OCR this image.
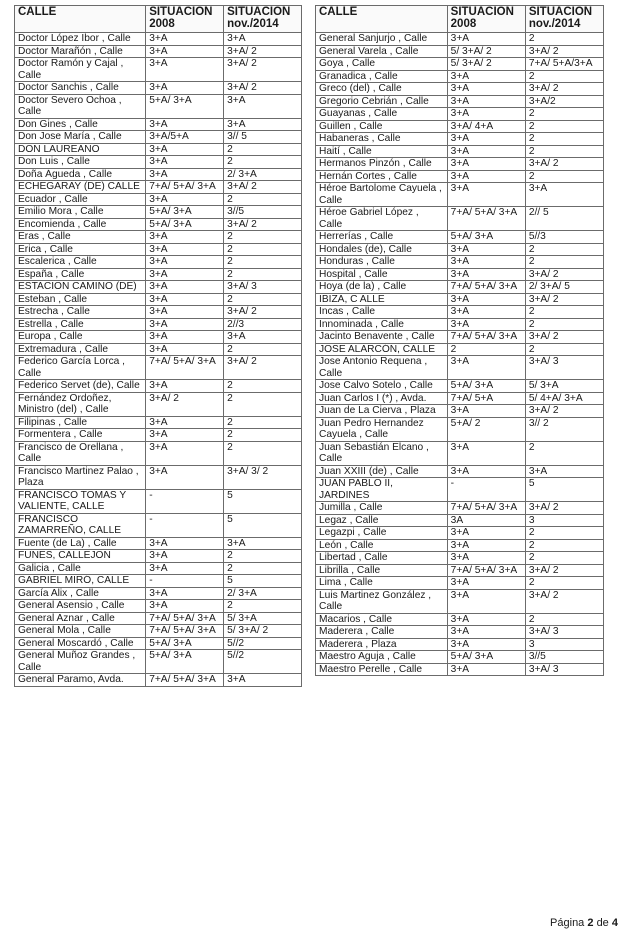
CALLE	SITUACION 2008	SITUACION nov./2014
Doctor López Ibor , Calle	3+A	3+A
Doctor Marañón , Calle	3+A	3+A/ 2
Doctor Ramón y Cajal , Calle	3+A	3+A/ 2
Doctor Sanchis , Calle	3+A	3+A/ 2
Doctor Severo Ochoa , Calle	5+A/ 3+A	3+A
Don Gines , Calle	3+A	3+A
Don Jose María , Calle	3+A/5+A	3// 5
DON LAUREANO	3+A	2
Don Luis , Calle	3+A	2
Doña Águeda , Calle	3+A	2/ 3+A
ECHEGARAY (DE) CALLE	7+A/ 5+A/ 3+A	3+A/ 2
Ecuador , Calle	3+A	2
Emilio Mora , Calle	5+A/ 3+A	3//5
Encomienda , Calle	5+A/ 3+A	3+A/ 2
Eras , Calle	3+A	2
Erica , Calle	3+A	2
Escalerica , Calle	3+A	2
España , Calle	3+A	2
ESTACION CAMINO (DE)	3+A	3+A/ 3
Esteban , Calle	3+A	2
Estrecha , Calle	3+A	3+A/ 2
Estrella , Calle	3+A	2//3
Europa , Calle	3+A	3+A
Extremadura , Calle	3+A	2
Federico García Lorca , Calle	7+A/ 5+A/ 3+A	3+A/ 2
Federico Servet (de), Calle	3+A	2
Fernández Ordoñez, Ministro (del) , Calle	3+A/ 2	2
Filipinas , Calle	3+A	2
Formentera , Calle	3+A	2
Francisco de Orellana , Calle	3+A	2
Francisco Martinez Palao , Plaza	3+A	3+A/ 3/ 2
FRANCISCO TOMAS Y VALIENTE, CALLE	-	5
FRANCISCO ZAMARREÑO, CALLE	-	5
Fuente (de La) , Calle	3+A	3+A
FUNES, CALLEJON	3+A	2
Galicia , Calle	3+A	2
GABRIEL MIRÓ, CALLE	-	5
García Alix , Calle	3+A	2/ 3+A
General Asensio , Calle	3+A	2
General Aznar , Calle	7+A/ 5+A/ 3+A	5/ 3+A
General Mola , Calle	7+A/ 5+A/ 3+A	5/ 3+A/ 2
General Moscardó , Calle	5+A/ 3+A	5//2
General Muñoz Grandes , Calle	5+A/ 3+A	5//2
General Paramo, Avda.	7+A/ 5+A/ 3+A	3+A
CALLE	SITUACION 2008	SITUACION nov./2014
General Sanjurjo , Calle	3+A	2
General Varela , Calle	5/ 3+A/ 2	3+A/ 2
Goya , Calle	5/ 3+A/ 2	7+A/ 5+A/3+A
Granadica , Calle	3+A	2
Greco (del) , Calle	3+A	3+A/ 2
Gregorio Cebrián , Calle	3+A	3+A/2
Guayanas , Calle	3+A	2
Guillen , Calle	3+A/ 4+A	2
Habaneras , Calle	3+A	2
Haití , Calle	3+A	2
Hermanos Pinzón , Calle	3+A	3+A/ 2
Hernán Cortes , Calle	3+A	2
Héroe Bartolome Cayuela , Calle	3+A	3+A
Héroe Gabriel López , Calle	7+A/ 5+A/ 3+A	2// 5
Herrerías , Calle	5+A/ 3+A	5//3
Hondales (de), Calle	3+A	2
Honduras , Calle	3+A	2
Hospital , Calle	3+A	3+A/ 2
Hoya (de la) , Calle	7+A/ 5+A/ 3+A	2/ 3+A/ 5
IBIZA, C ALLE	3+A	3+A/ 2
Incas , Calle	3+A	2
Innominada , Calle	3+A	2
Jacinto Benavente , Calle	7+A/ 5+A/ 3+A	3+A/ 2
JOSE ALARCÓN, CALLE	2	2
Jose Antonio Requena , Calle	3+A	3+A/ 3
Jose Calvo Sotelo , Calle	5+A/ 3+A	5/ 3+A
Juan Carlos I (*) , Avda.	7+A/ 5+A	5/ 4+A/ 3+A
Juan de La Cierva , Plaza	3+A	3+A/ 2
Juan Pedro Hernandez Cayuela , Calle	5+A/ 2	3// 2
Juan Sebastián Elcano , Calle	3+A	2
Juan XXIII (de) , Calle	3+A	3+A
JUAN PABLO II, JARDINES	-	5
Jumilla , Calle	7+A/ 5+A/ 3+A	3+A/ 2
Legaz , Calle	3A	3
Legazpi , Calle	3+A	2
León , Calle	3+A	2
Libertad , Calle	3+A	2
Librilla , Calle	7+A/ 5+A/ 3+A	3+A/ 2
Lima , Calle	3+A	2
Luis Martinez González , Calle	3+A	3+A/ 2
Macarios , Calle	3+A	2
Maderera , Calle	3+A	3+A/ 3
Maderera , Plaza	3+A	3
Maestro Aguja , Calle	5+A/ 3+A	3//5
Maestro Perelle , Calle	3+A	3+A/ 3
Página 2 de 4
